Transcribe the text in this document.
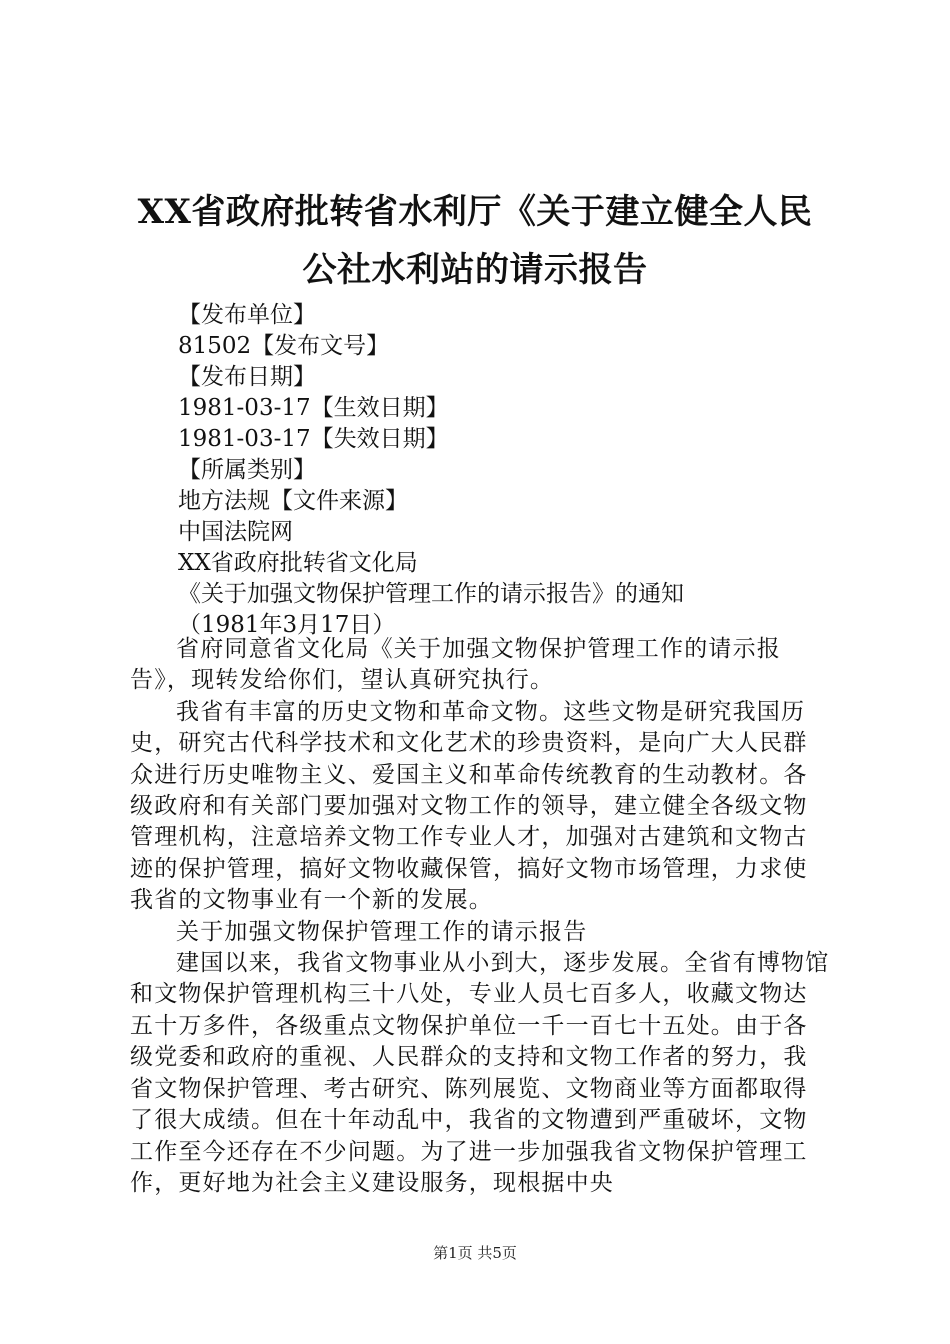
XX省政府批转省水利厅《关于建立健全人民
公社水利站的请示报告
【发布单位】
81502【发布文号】
【发布日期】
1981-03-17【生效日期】
1981-03-17【失效日期】
【所属类别】
地方法规【文件来源】
中国法院网
XX省政府批转省文化局
《关于加强文物保护管理工作的请示报告》的通知
（1981年3月17日）

省府同意省文化局《关于加强文物保护管理工作的请示报告》，现转发给你们，望认真研究执行。

我省有丰富的历史文物和革命文物。这些文物是研究我国历史，研究古代科学技术和文化艺术的珍贵资料，是向广大人民群众进行历史唯物主义、爱国主义和革命传统教育的生动教材。各级政府和有关部门要加强对文物工作的领导，建立健全各级文物管理机构，注意培养文物工作专业人才，加强对古建筑和文物古迹的保护管理，搞好文物收藏保管，搞好文物市场管理，力求使我省的文物事业有一个新的发展。

关于加强文物保护管理工作的请示报告

建国以来，我省文物事业从小到大，逐步发展。全省有博物馆和文物保护管理机构三十八处，专业人员七百多人，收藏文物达五十万多件，各级重点文物保护单位一千一百七十五处。由于各级党委和政府的重视、人民群众的支持和文物工作者的努力，我省文物保护管理、考古研究、陈列展览、文物商业等方面都取得了很大成绩。但在十年动乱中，我省的文物遭到严重破坏，文物工作至今还存在不少问题。为了进一步加强我省文物保护管理工作，更好地为社会主义建设服务，现根据中央

第1页 共5页
